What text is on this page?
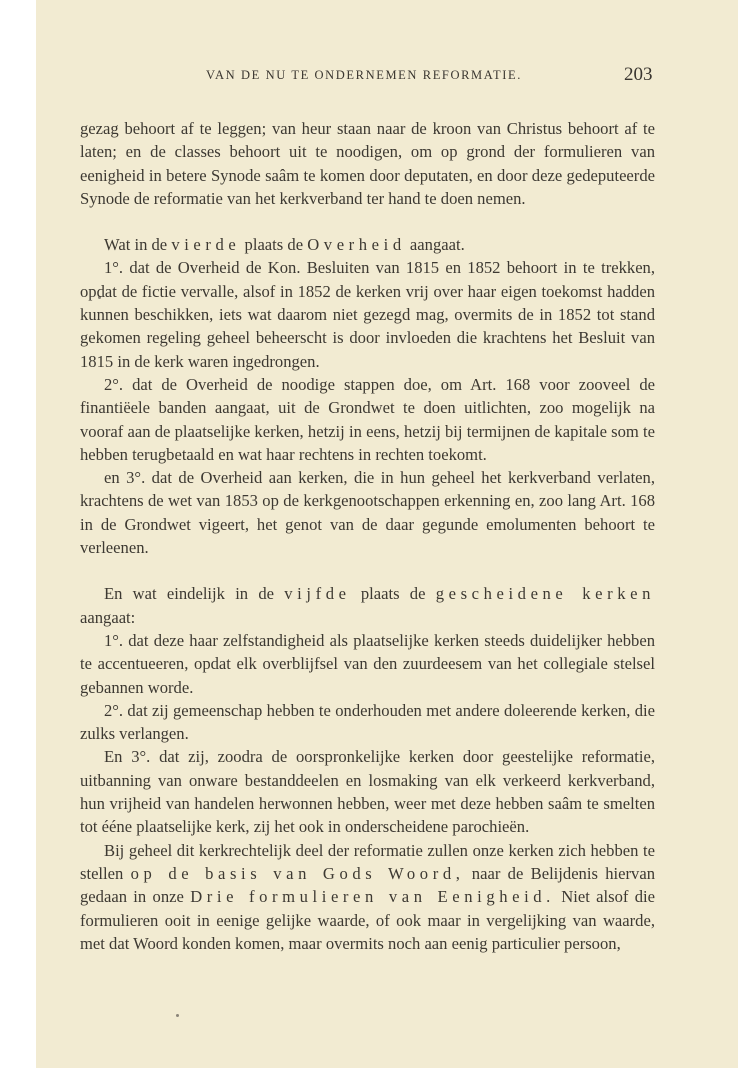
VAN DE NU TE ONDERNEMEN REFORMATIE.	203

gezag behoort af te leggen; van heur staan naar de kroon van Christus behoort af te laten; en de classes behoort uit te noodigen, om op grond der formulieren van eenigheid in betere Synode saâm te komen door deputaten, en door deze gedeputeerde Synode de reformatie van het kerkverband ter hand te doen nemen.

Wat in de vierde plaats de Overheid aangaat.

1°. dat de Overheid de Kon. Besluiten van 1815 en 1852 behoort in te trekken, opdat de fictie vervalle, alsof in 1852 de kerken vrij over haar eigen toekomst hadden kunnen beschikken, iets wat daarom niet gezegd mag, overmits de in 1852 tot stand gekomen regeling geheel beheerscht is door invloeden die krachtens het Besluit van 1815 in de kerk waren ingedrongen.

2°. dat de Overheid de noodige stappen doe, om Art. 168 voor zooveel de finantiëele banden aangaat, uit de Grondwet te doen uitlichten, zoo mogelijk na vooraf aan de plaatselijke kerken, hetzij in eens, hetzij bij termijnen de kapitale som te hebben terugbetaald en wat haar rechtens in rechten toekomt.

en 3°. dat de Overheid aan kerken, die in hun geheel het kerkverband verlaten, krachtens de wet van 1853 op de kerkgenootschappen erkenning en, zoo lang Art. 168 in de Grondwet vigeert, het genot van de daar gegunde emolumenten behoort te verleenen.

En wat eindelijk in de vijfde plaats de gescheidene kerken aangaat:

1°. dat deze haar zelfstandigheid als plaatselijke kerken steeds duidelijker hebben te accentueeren, opdat elk overblijfsel van den zuurdeesem van het collegiale stelsel gebannen worde.

2°. dat zij gemeenschap hebben te onderhouden met andere doleerende kerken, die zulks verlangen.

En 3°. dat zij, zoodra de oorspronkelijke kerken door geestelijke reformatie, uitbanning van onware bestanddeelen en losmaking van elk verkeerd kerkverband, hun vrijheid van handelen herwonnen hebben, weer met deze hebben saâm te smelten tot ééne plaatselijke kerk, zij het ook in onderscheidene parochieën.

Bij geheel dit kerkrechtelijk deel der reformatie zullen onze kerken zich hebben te stellen op de basis van Gods Woord, naar de Belijdenis hiervan gedaan in onze Drie formulieren van Eenigheid. Niet alsof die formulieren ooit in eenige gelijke waarde, of ook maar in vergelijking van waarde, met dat Woord konden komen, maar overmits noch aan eenig particulier persoon,
